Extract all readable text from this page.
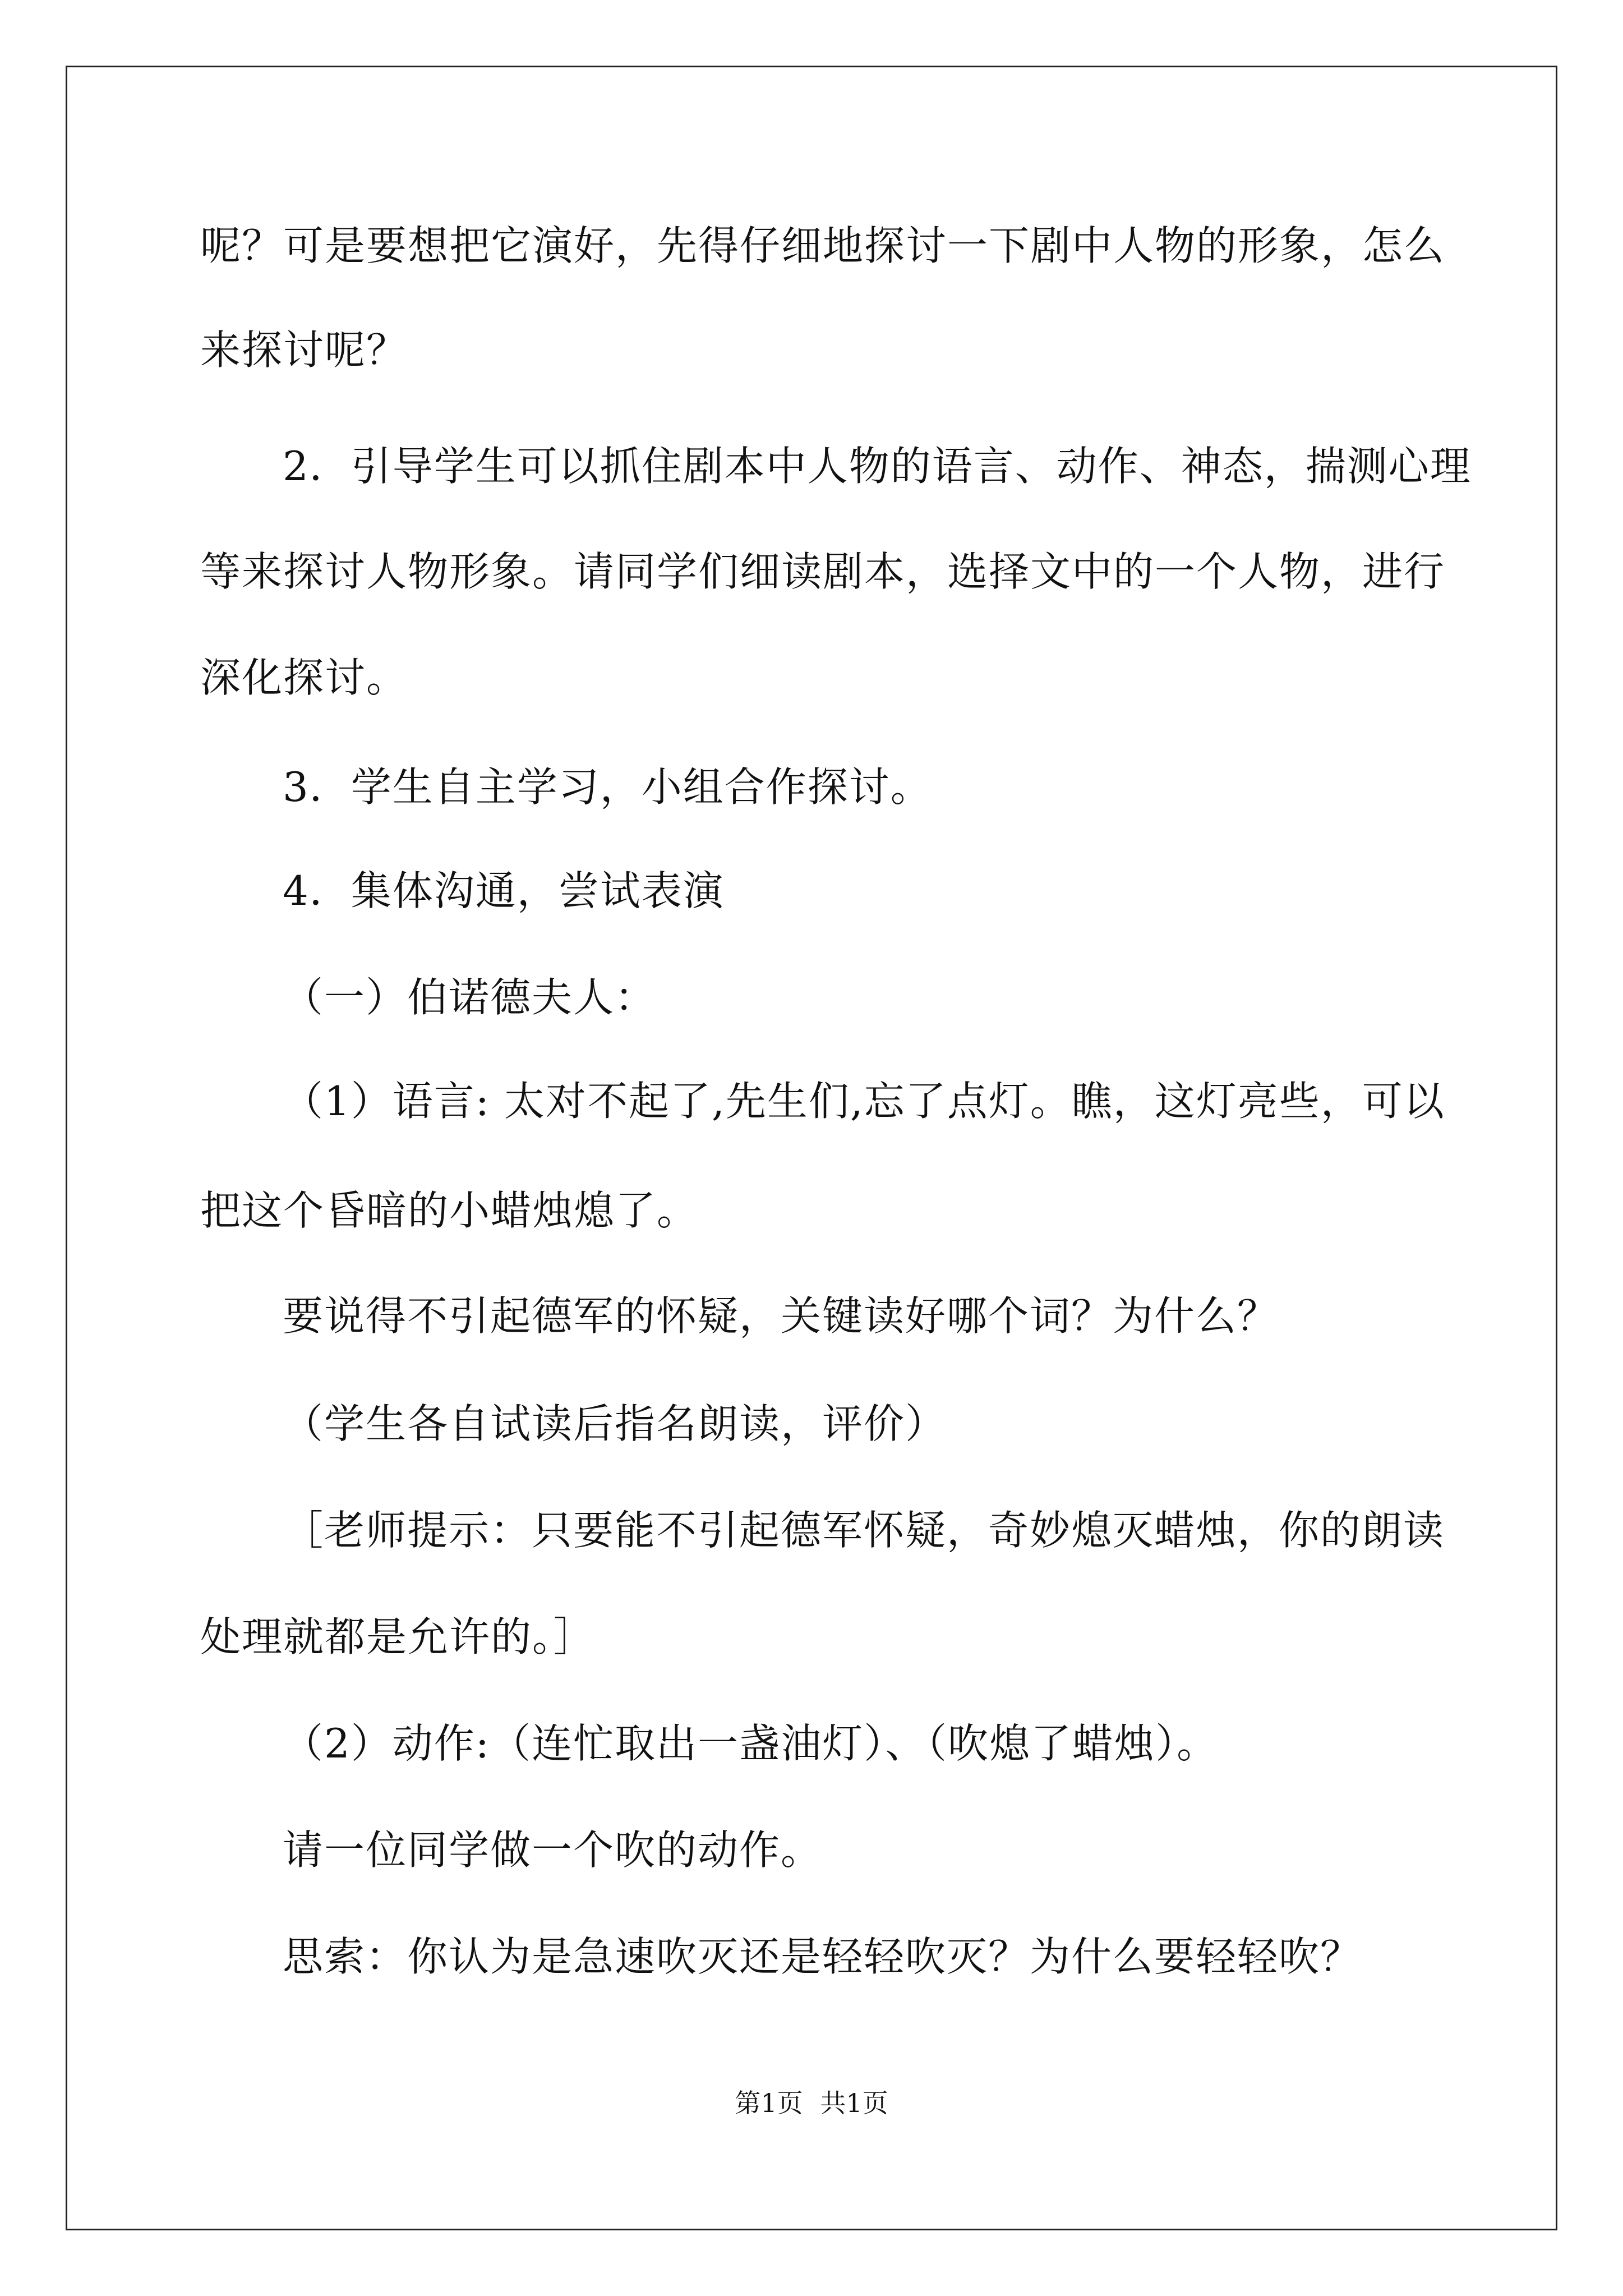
呢？可是要想把它演好，先得仔细地探讨一下剧中人物的形象，怎么
来探讨呢？
2．引导学生可以抓住剧本中人物的语言、动作、神态，揣测心理
等来探讨人物形象。请同学们细读剧本，选择文中的一个人物，进行
深化探讨。
3．学生自主学习，小组合作探讨。
4．集体沟通，尝试表演
（一）伯诺德夫人：
（1）语言: 太对不起了,先生们,忘了点灯。瞧，这灯亮些，可以
把这个昏暗的小蜡烛熄了。
要说得不引起德军的怀疑，关键读好哪个词？为什么？
（学生各自试读后指名朗读，评价）
［老师提示：只要能不引起德军怀疑，奇妙熄灭蜡烛，你的朗读
处理就都是允许的。］
（2）动作:（连忙取出一盏油灯）、（吹熄了蜡烛）。
请一位同学做一个吹的动作。
思索：你认为是急速吹灭还是轻轻吹灭？为什么要轻轻吹？
第1页 共1页
